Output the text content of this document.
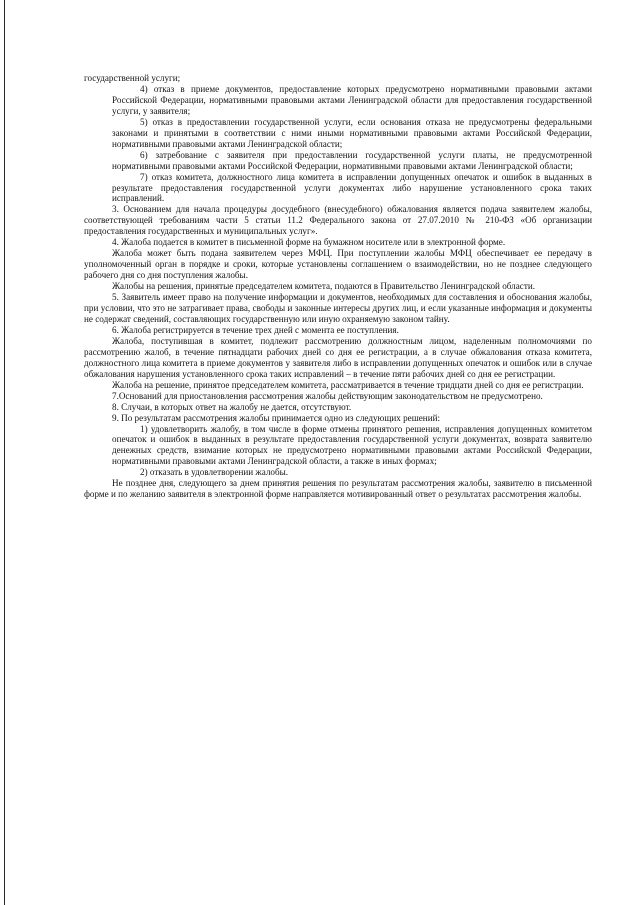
государственной услуги;

4) отказ в приеме документов, предоставление которых предусмотрено нормативными правовыми актами Российской Федерации, нормативными правовыми актами Ленинградской области для предоставления государственной услуги, у заявителя;

5) отказ в предоставлении государственной услуги, если основания отказа не предусмотрены федеральными законами и принятыми в соответствии с ними иными нормативными правовыми актами Российской Федерации, нормативными правовыми актами Ленинградской области;

6) затребование с заявителя при предоставлении государственной услуги платы, не предусмотренной нормативными правовыми актами Российской Федерации, нормативными правовыми актами Ленинградской области;

7) отказ комитета, должностного лица комитета в исправлении допущенных опечаток и ошибок в выданных в результате предоставления государственной услуги документах либо нарушение установленного срока таких исправлений.

3. Основанием для начала процедуры досудебного (внесудебного) обжалования является подача заявителем жалобы, соответствующей требованиям части 5 статьи 11.2 Федерального закона от 27.07.2010 № 210-ФЗ «Об организации предоставления государственных и муниципальных услуг».

4. Жалоба подается в комитет в письменной форме на бумажном носителе или в электронной форме.

Жалоба может быть подана заявителем через МФЦ. При поступлении жалобы МФЦ обеспечивает ее передачу в уполномоченный орган в порядке и сроки, которые установлены соглашением о взаимодействии, но не позднее следующего рабочего дня со дня поступления жалобы.

Жалобы на решения, принятые председателем комитета, подаются в Правительство Ленинградской области.

5. Заявитель имеет право на получение информации и документов, необходимых для составления и обоснования жалобы, при условии, что это не затрагивает права, свободы и законные интересы других лиц, и если указанные информация и документы не содержат сведений, составляющих государственную или иную охраняемую законом тайну.

6. Жалоба регистрируется в течение трех дней с момента ее поступления.

Жалоба, поступившая в комитет, подлежит рассмотрению должностным лицом, наделенным полномочиями по рассмотрению жалоб, в течение пятнадцати рабочих дней со дня ее регистрации, а в случае обжалования отказа комитета, должностного лица комитета в приеме документов у заявителя либо в исправлении допущенных опечаток и ошибок или в случае обжалования нарушения установленного срока таких исправлений – в течение пяти рабочих дней со дня ее регистрации.

Жалоба на решение, принятое председателем комитета, рассматривается в течение тридцати дней со дня ее регистрации.

7.Оснований для приостановления рассмотрения жалобы действующим законодательством не предусмотрено.

8. Случаи, в которых ответ на жалобу не дается, отсутствуют.

9. По результатам рассмотрения жалобы принимается одно из следующих решений:

1) удовлетворить жалобу, в том числе в форме отмены принятого решения, исправления допущенных комитетом опечаток и ошибок в выданных в результате предоставления государственной услуги документах, возврата заявителю денежных средств, взимание которых не предусмотрено нормативными правовыми актами Российской Федерации, нормативными правовыми актами Ленинградской области, а также в иных формах;

2) отказать в удовлетворении жалобы.

Не позднее дня, следующего за днем принятия решения по результатам рассмотрения жалобы, заявителю в письменной форме и по желанию заявителя в электронной форме направляется мотивированный ответ о результатах рассмотрения жалобы.
